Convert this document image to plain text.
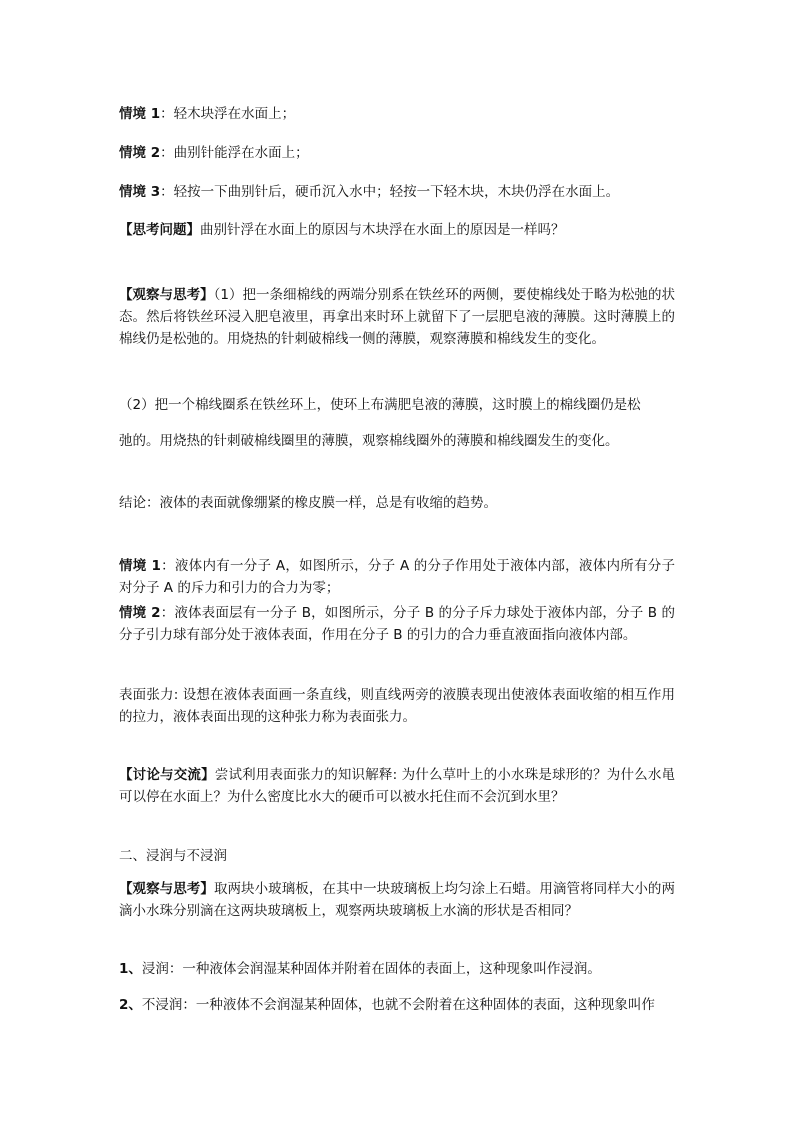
情境 1：轻木块浮在水面上；

情境 2：曲别针能浮在水面上；

情境 3：轻按一下曲别针后，硬币沉入水中；轻按一下轻木块，木块仍浮在水面上。

【思考问题】曲别针浮在水面上的原因与木块浮在水面上的原因是一样吗？

【观察与思考】（1）把一条细棉线的两端分别系在铁丝环的两侧，要使棉线处于略为松弛的状态。然后将铁丝环浸入肥皂液里，再拿出来时环上就留下了一层肥皂液的薄膜。这时薄膜上的棉线仍是松弛的。用烧热的针刺破棉线一侧的薄膜，观察薄膜和棉线发生的变化。

（2）把一个棉线圈系在铁丝环上，使环上布满肥皂液的薄膜，这时膜上的棉线圈仍是松

弛的。用烧热的针刺破棉线圈里的薄膜，观察棉线圈外的薄膜和棉线圈发生的变化。

结论：液体的表面就像绷紧的橡皮膜一样，总是有收缩的趋势。

情境 1：液体内有一分子 A，如图所示，分子 A 的分子作用处于液体内部，液体内所有分子对分子 A 的斥力和引力的合力为零；

情境 2：液体表面层有一分子 B，如图所示，分子 B 的分子斥力球处于液体内部，分子 B 的分子引力球有部分处于液体表面，作用在分子 B 的引力的合力垂直液面指向液体内部。

表面张力: 设想在液体表面画一条直线，则直线两旁的液膜表现出使液体表面收缩的相互作用的拉力，液体表面出现的这种张力称为表面张力。

【讨论与交流】尝试利用表面张力的知识解释: 为什么草叶上的小水珠是球形的？为什么水黾可以停在水面上？为什么密度比水大的硬币可以被水托住而不会沉到水里？

二、浸润与不浸润

【观察与思考】取两块小玻璃板，在其中一块玻璃板上均匀涂上石蜡。用滴管将同样大小的两滴小水珠分别滴在这两块玻璃板上，观察两块玻璃板上水滴的形状是否相同？

1、浸润：一种液体会润湿某种固体并附着在固体的表面上，这种现象叫作浸润。

2、不浸润：一种液体不会润湿某种固体，也就不会附着在这种固体的表面，这种现象叫作
